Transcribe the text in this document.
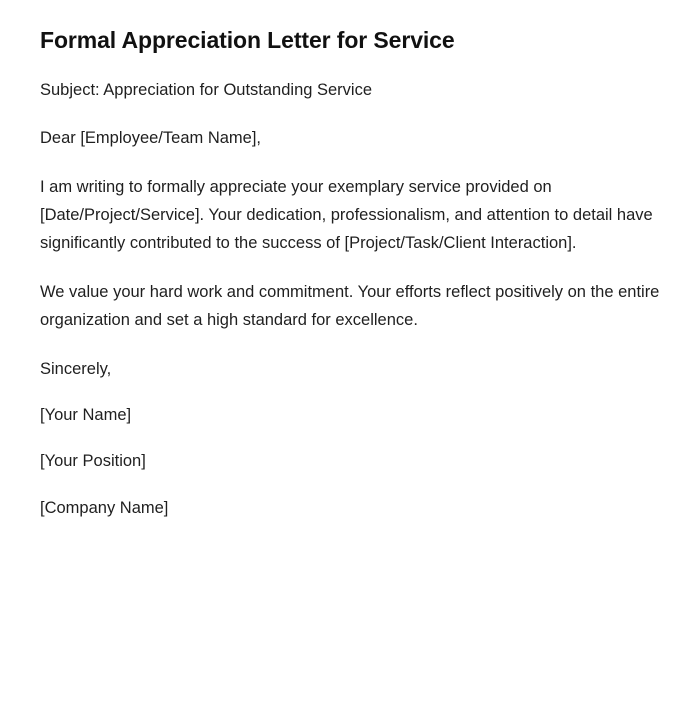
Formal Appreciation Letter for Service

Subject: Appreciation for Outstanding Service

Dear [Employee/Team Name],

I am writing to formally appreciate your exemplary service provided on [Date/Project/Service]. Your dedication, professionalism, and attention to detail have significantly contributed to the success of [Project/Task/Client Interaction].

We value your hard work and commitment. Your efforts reflect positively on the entire organization and set a high standard for excellence.

Sincerely,

[Your Name]

[Your Position]

[Company Name]
